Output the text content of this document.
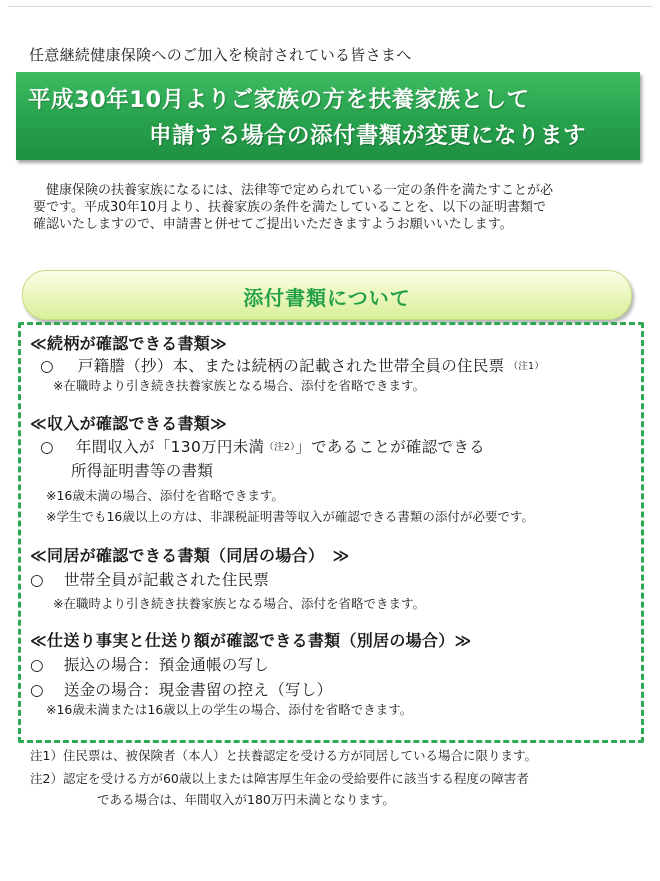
任意継続健康保険へのご加入を検討されている皆さまへ
平成30年10月よりご家族の方を扶養家族として
申請する場合の添付書類が変更になります
　健康保険の扶養家族になるには、法律等で定められている一定の条件を満たすことが必
要です。平成30年10月より、扶養家族の条件を満たしていることを、以下の証明書類で
確認いたしますので、申請書と併せてご提出いただきますようお願いいたします。
添付書類について
≪続柄が確認できる書類≫
○ 戸籍謄（抄）本、または続柄の記載された世帯全員の住民票 $^{(注1)}$
※在職時より引き続き扶養家族となる場合、添付を省略できます。
≪収入が確認できる書類≫
○ 年間収入が「130万円未満$^{(注2)}$」であることが確認できる
所得証明書等の書類
※16歳未満の場合、添付を省略できます。
※学生でも16歳以上の方は、非課税証明書等収入が確認できる書類の添付が必要です。
≪同居が確認できる書類（同居の場合）　≫
○ 世帯全員が記載された住民票
※在職時より引き続き扶養家族となる場合、添付を省略できます。
≪仕送り事実と仕送り額が確認できる書類（別居の場合）≫
○ 振込の場合：預金通帳の写し
○ 送金の場合：現金書留の控え（写し）
※16歳未満または16歳以上の学生の場合、添付を省略できます。
注1）住民票は、被保険者（本人）と扶養認定を受ける方が同居している場合に限ります。
注2）認定を受ける方が60歳以上または障害厚生年金の受給要件に該当する程度の障害者
である場合は、年間収入が180万円未満となります。
